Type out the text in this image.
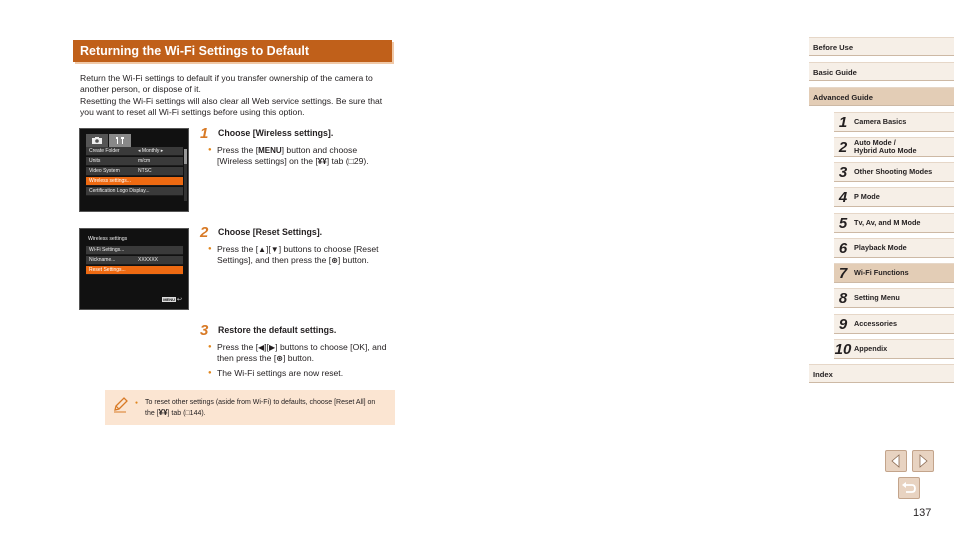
Returning the Wi-Fi Settings to Default

Return the Wi-Fi settings to default if you transfer ownership of the camera to another person, or dispose of it.

Resetting the Wi-Fi settings will also clear all Web service settings. Be sure that you want to reset all Wi-Fi settings before using this option.

Create Folder	◂ Monthly ▸
Units	m/cm
Video System	NTSC
Wireless settings...
Certification Logo Display...
Wireless settings
Wi-Fi Settings...
Nickname...	XXXXXX
Reset Settings...
MENU ↩
1 Choose [Wireless settings].
● Press the [MENU] button and choose [Wireless settings] on the [¥¥] tab (□29).
2 Choose [Reset Settings].
● Press the [▲][▼] buttons to choose [Reset Settings], and then press the [⊛] button.
3 Restore the default settings.
● Press the [◀][▶] buttons to choose [OK], and then press the [⊛] button.
● The Wi-Fi settings are now reset.
● To reset other settings (aside from Wi-Fi) to defaults, choose [Reset All] on the [¥¥] tab (□144).
Before Use
Basic Guide
Advanced Guide
1 Camera Basics
2 Auto Mode /
Hybrid Auto Mode
3 Other Shooting Modes
4 P Mode
5 Tv, Av, and M Mode
6 Playback Mode
7 Wi-Fi Functions
8 Setting Menu
9 Accessories
10 Appendix
Index
137
